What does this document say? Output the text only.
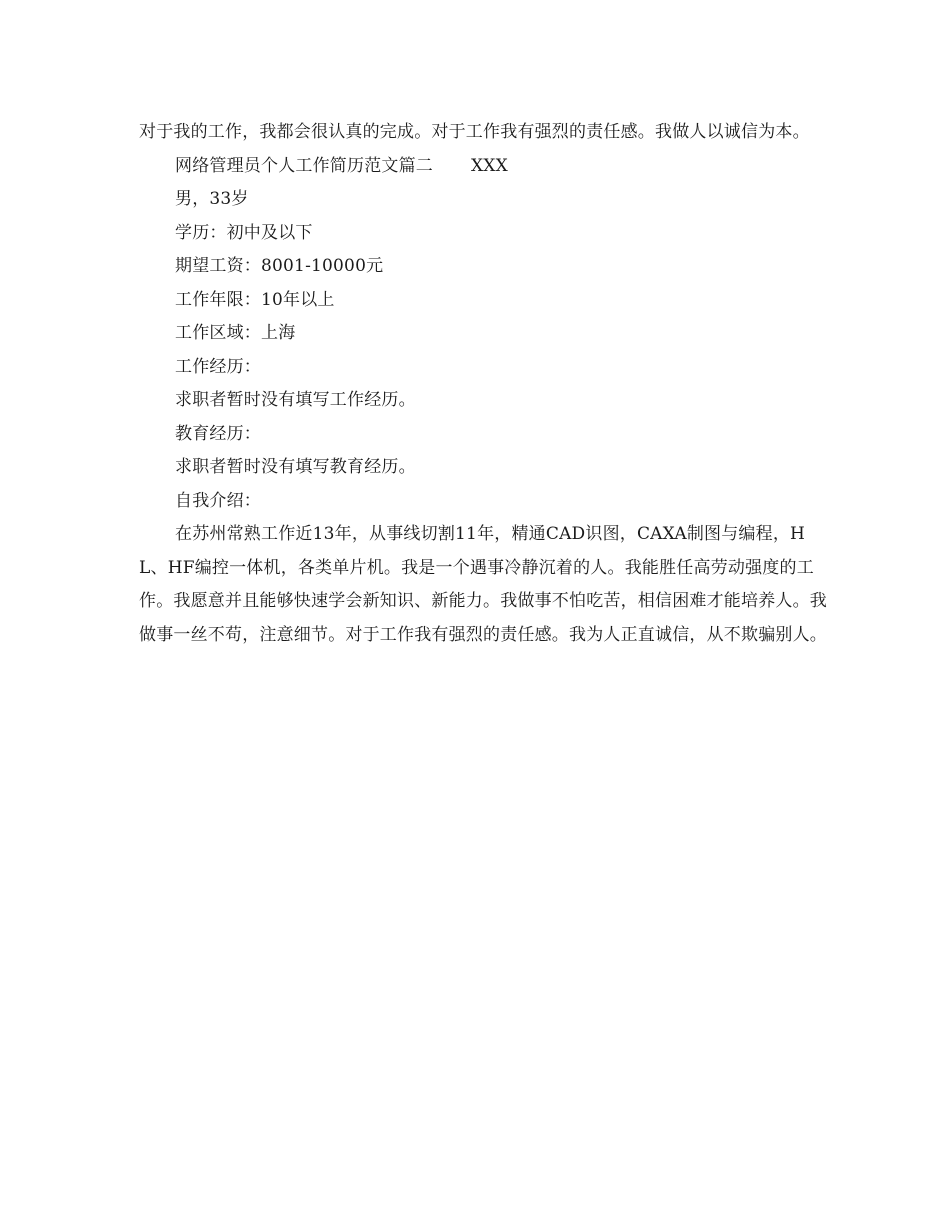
对于我的工作，我都会很认真的完成。对于工作我有强烈的责任感。我做人以诚信为本。

网络管理员个人工作简历范文篇二 XXX

男，33岁

学历：初中及以下

期望工资：8001-10000元

工作年限：10年以上

工作区域：上海

工作经历：

求职者暂时没有填写工作经历。

教育经历：

求职者暂时没有填写教育经历。

自我介绍：

在苏州常熟工作近13年，从事线切割11年，精通CAD识图，CAXA制图与编程，HL、HF编控一体机，各类单片机。我是一个遇事冷静沉着的人。我能胜任高劳动强度的工作。我愿意并且能够快速学会新知识、新能力。我做事不怕吃苦，相信困难才能培养人。我做事一丝不苟，注意细节。对于工作我有强烈的责任感。我为人正直诚信，从不欺骗别人。
